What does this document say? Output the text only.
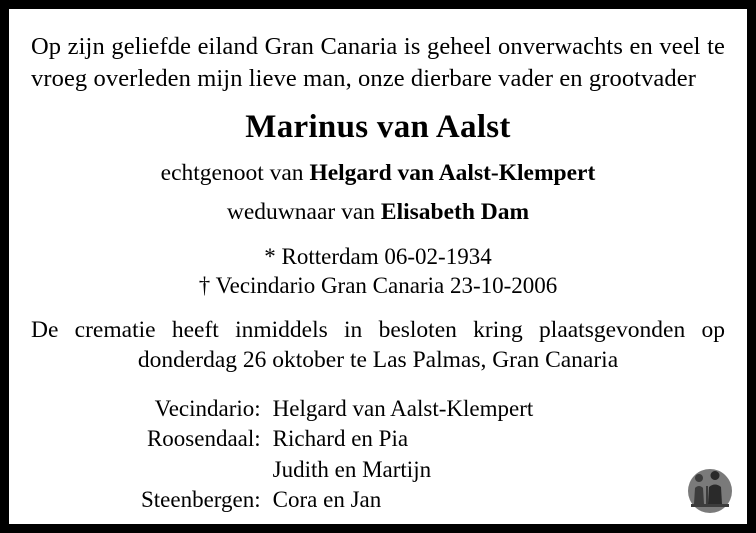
Op zijn geliefde eiland Gran Canaria is geheel onverwachts en veel te vroeg overleden mijn lieve man, onze dierbare vader en grootvader

Marinus van Aalst
echtgenoot van Helgard van Aalst-Klempert
weduwnaar van Elisabeth Dam
* Rotterdam 06-02-1934
† Vecindario Gran Canaria 23-10-2006

De crematie heeft inmiddels in besloten kring plaatsgevonden op donderdag 26 oktober te Las Palmas, Gran Canaria

Vecindario:	Helgard van Aalst-Klempert
Roosendaal:	Richard en Pia
	Judith en Martijn
Steenbergen:	Cora en Jan
